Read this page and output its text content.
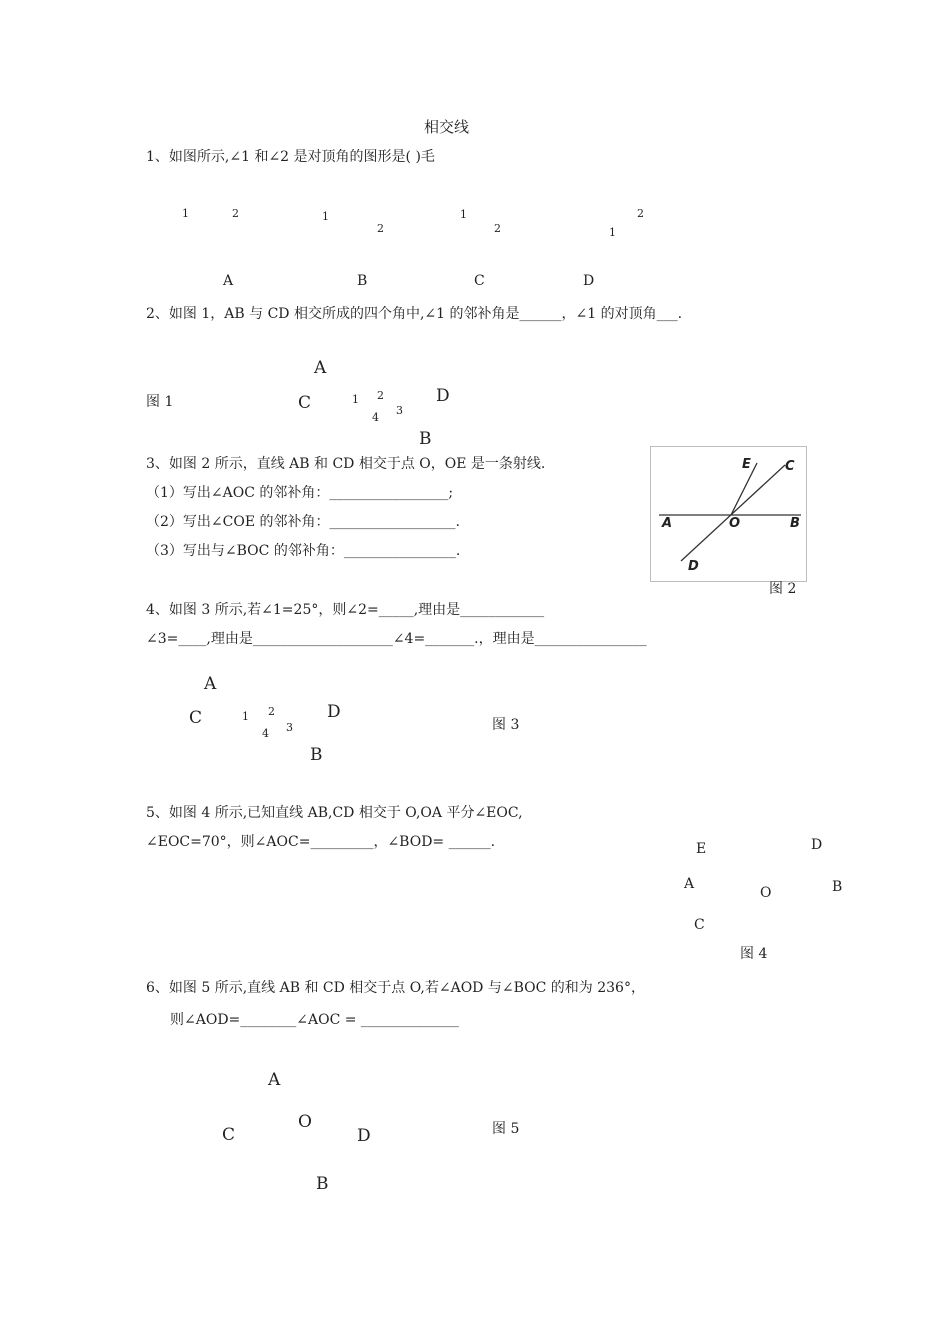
相交线
1、如图所示,∠1 和∠2 是对顶角的图形是( )毛
1	2
A
1
2
B
1
2
C
2
1
D
2、如图 1，AB 与 CD 相交所成的四个角中,∠1 的邻补角是______，∠1 的对顶角___.
图 1
A
C	1 2
3
4
D
B
3、如图 2 所示，直线 AB 和 CD 相交于点 O，OE 是一条射线.
（1）写出∠AOC 的邻补角：_________________;
（2）写出∠COE 的邻补角：__________________.
（3）写出与∠BOC 的邻补角：________________.
E	C
A	O	B
D
图 2
4、如图 3 所示,若∠1=25°，则∠2=_____,理由是____________
∠3=____,理由是____________________∠4=_______.，理由是________________
A
C	1 2
3
4
D
B
图 3
5、如图 4 所示,已知直线 AB,CD 相交于 O,OA 平分∠EOC,
∠EOC=70°，则∠AOC=_________，∠BOD= ______.	E	D
A
O	B
C
图 4
6、如图 5 所示,直线 AB 和 CD 相交于点 O,若∠AOD 与∠BOC 的和为 236°，
则∠AOD=________∠AOC = ______________
A
O
C	D
B
图 5
